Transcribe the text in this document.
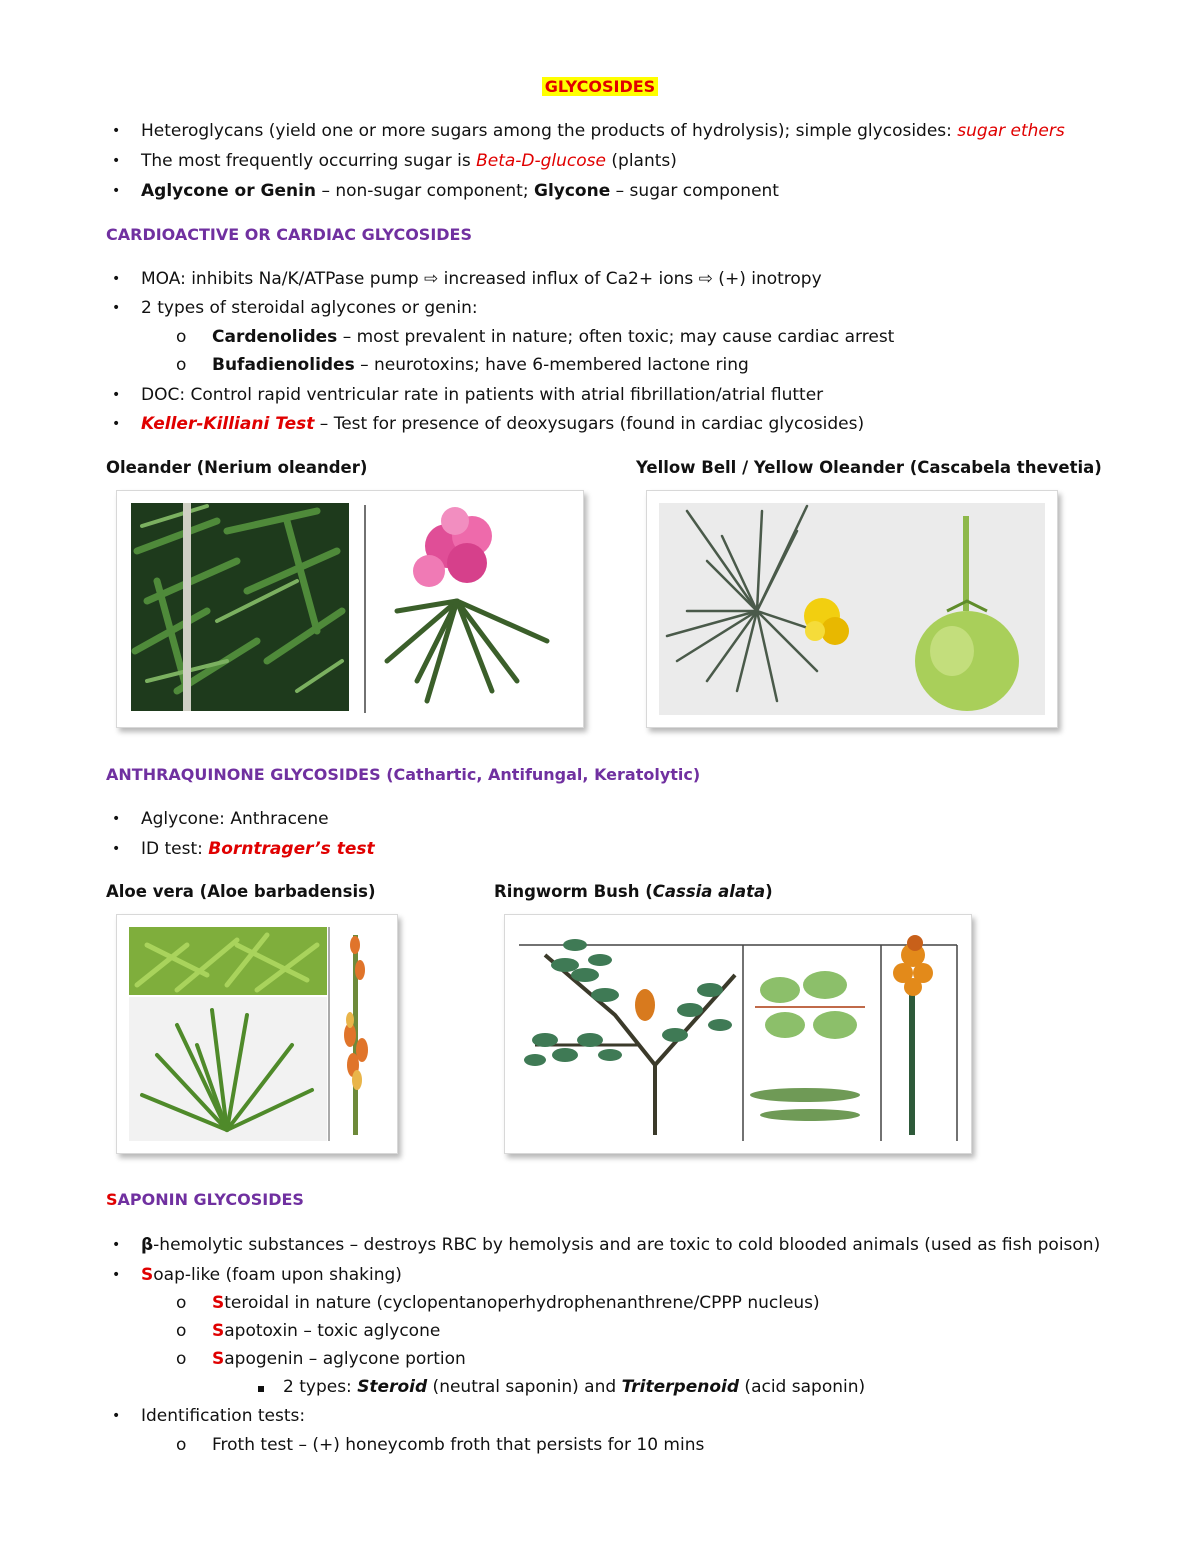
GLYCOSIDES
• Heteroglycans (yield one or more sugars among the products of hydrolysis); simple glycosides: sugar ethers
• The most frequently occurring sugar is Beta-D-glucose (plants)
• Aglycone or Genin – non-sugar component; Glycone – sugar component
CARDIOACTIVE OR CARDIAC GLYCOSIDES
• MOA: inhibits Na/K/ATPase pump ⇨ increased influx of Ca2+ ions ⇨ (+) inotropy
• 2 types of steroidal aglycones or genin:
o Cardenolides – most prevalent in nature; often toxic; may cause cardiac arrest
o Bufadienolides – neurotoxins; have 6-membered lactone ring
• DOC: Control rapid ventricular rate in patients with atrial fibrillation/atrial flutter
• Keller-Killiani Test – Test for presence of deoxysugars (found in cardiac glycosides)
Oleander (Nerium oleander)	Yellow Bell / Yellow Oleander (Cascabela thevetia)
ANTHRAQUINONE GLYCOSIDES (Cathartic, Antifungal, Keratolytic)
• Aglycone: Anthracene
• ID test: Borntrager’s test
Aloe vera (Aloe barbadensis)	Ringworm Bush (Cassia alata)
SAPONIN GLYCOSIDES
• β-hemolytic substances – destroys RBC by hemolysis and are toxic to cold blooded animals (used as fish poison)
• Soap-like (foam upon shaking)
o Steroidal in nature (cyclopentanoperhydrophenanthrene/CPPP nucleus)
o Sapotoxin – toxic aglycone
o Sapogenin – aglycone portion
2 types: Steroid (neutral saponin) and Triterpenoid (acid saponin)
• Identification tests:
o Froth test – (+) honeycomb froth that persists for 10 mins
